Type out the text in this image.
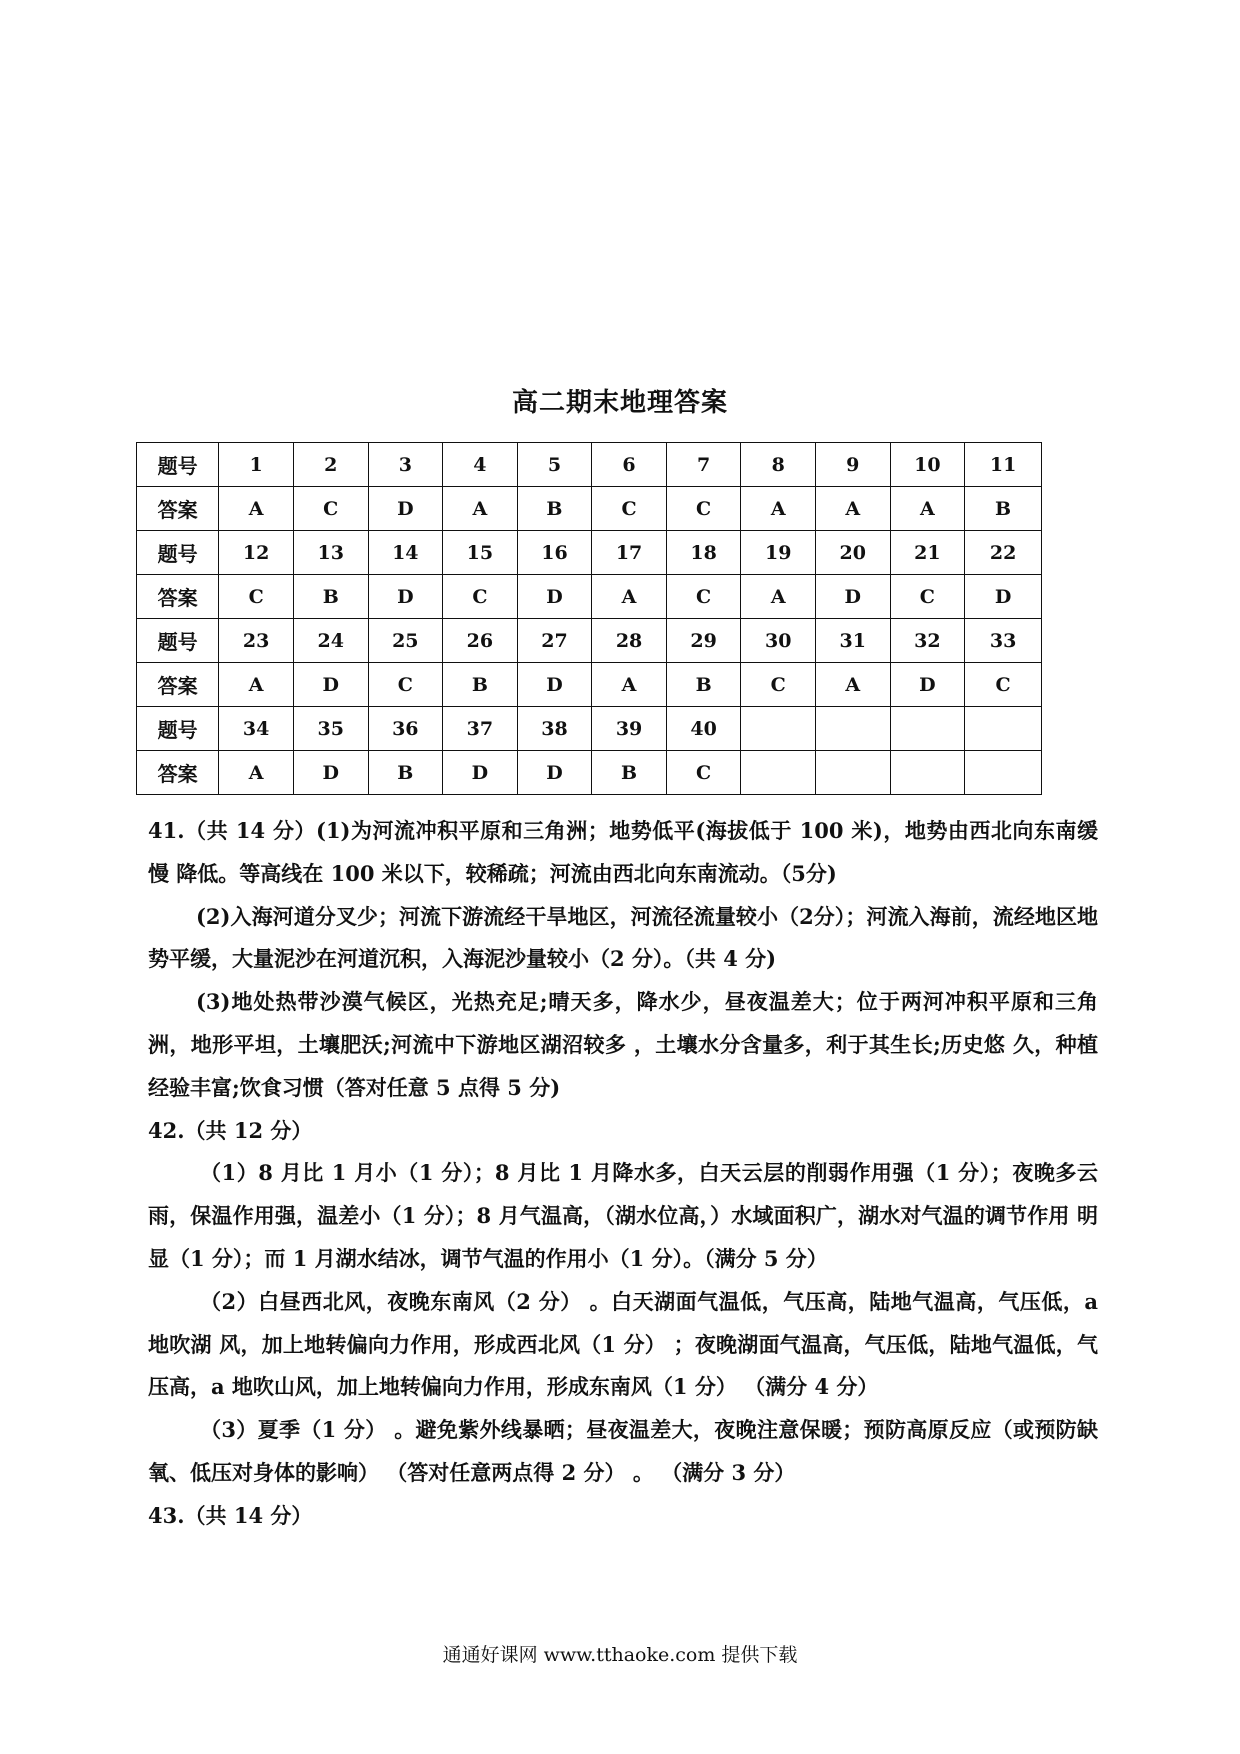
高二期末地理答案
题号	1	2	3	4	5	6	7	8	9	10	11
答案	A	C	D	A	B	C	C	A	A	A	B
题号	12	13	14	15	16	17	18	19	20	21	22
答案	C	B	D	C	D	A	C	A	D	C	D
题号	23	24	25	26	27	28	29	30	31	32	33
答案	A	D	C	B	D	A	B	C	A	D	C
题号	34	35	36	37	38	39	40				
答案	A	D	B	D	D	B	C				

41.（共 14 分）(1)为河流冲积平原和三角洲；地势低平(海拔低于 100 米)，地势由西北向东南缓 慢 降低。等高线在 100 米以下，较稀疏；河流由西北向东南流动。（5分)

(2)入海河道分叉少；河流下游流经干旱地区，河流径流量较小（2分）；河流入海前，流经地区地势平缓，大量泥沙在河道沉积，入海泥沙量较小（2 分）。（共 4 分)

(3)地处热带沙漠气候区，光热充足;晴天多，降水少，昼夜温差大；位于两河冲积平原和三角 洲，地形平坦，土壤肥沃;河流中下游地区湖沼较多 ，土壤水分含量多，利于其生长;历史悠 久，种植经验丰富;饮食习惯（答对任意 5 点得 5 分)

42.（共 12 分）

（1）8 月比 1 月小（1 分）；8 月比 1 月降水多，白天云层的削弱作用强（1 分）；夜晚多云雨，保温作用强，温差小（1 分）；8 月气温高，（湖水位高，）水域面积广，湖水对气温的调节作用 明显（1 分）；而 1 月湖水结冰，调节气温的作用小（1 分）。（满分 5 分）

（2）白昼西北风，夜晚东南风（2 分） 。白天湖面气温低，气压高，陆地气温高，气压低，a 地吹湖 风，加上地转偏向力作用，形成西北风（1 分） ；夜晚湖面气温高，气压低，陆地气温低，气 压高，a 地吹山风，加上地转偏向力作用，形成东南风（1 分） （满分 4 分）

（3）夏季（1 分） 。避免紫外线暴晒；昼夜温差大，夜晚注意保暖；预防高原反应（或预防缺氧、低压对身体的影响） （答对任意两点得 2 分） 。 （满分 3 分）

43.（共 14 分）

通通好课网 www.tthaoke.com 提供下载
